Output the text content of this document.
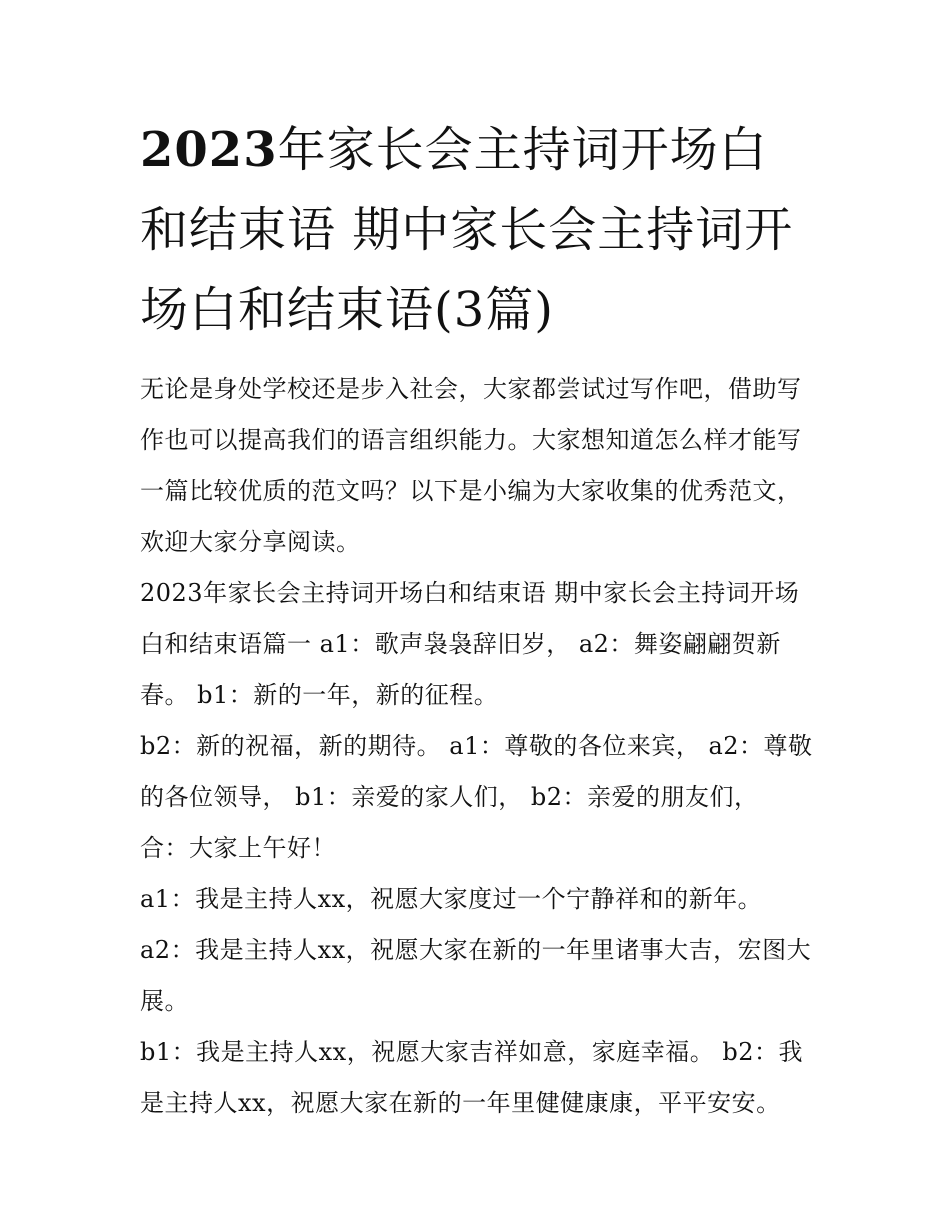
2023年家长会主持词开场白和结束语 期中家长会主持词开场白和结束语(3篇)

无论是身处学校还是步入社会，大家都尝试过写作吧，借助写作也可以提高我们的语言组织能力。大家想知道怎么样才能写一篇比较优质的范文吗？以下是小编为大家收集的优秀范文，欢迎大家分享阅读。

2023年家长会主持词开场白和结束语 期中家长会主持词开场白和结束语篇一 a1：歌声袅袅辞旧岁， a2：舞姿翩翩贺新春。 b1：新的一年，新的征程。

b2：新的祝福，新的期待。 a1：尊敬的各位来宾， a2：尊敬的各位领导， b1：亲爱的家人们， b2：亲爱的朋友们， 合：大家上午好！

a1：我是主持人xx，祝愿大家度过一个宁静祥和的新年。

a2：我是主持人xx，祝愿大家在新的一年里诸事大吉，宏图大展。

b1：我是主持人xx，祝愿大家吉祥如意，家庭幸福。 b2：我是主持人xx，祝愿大家在新的一年里健健康康，平平安安。
